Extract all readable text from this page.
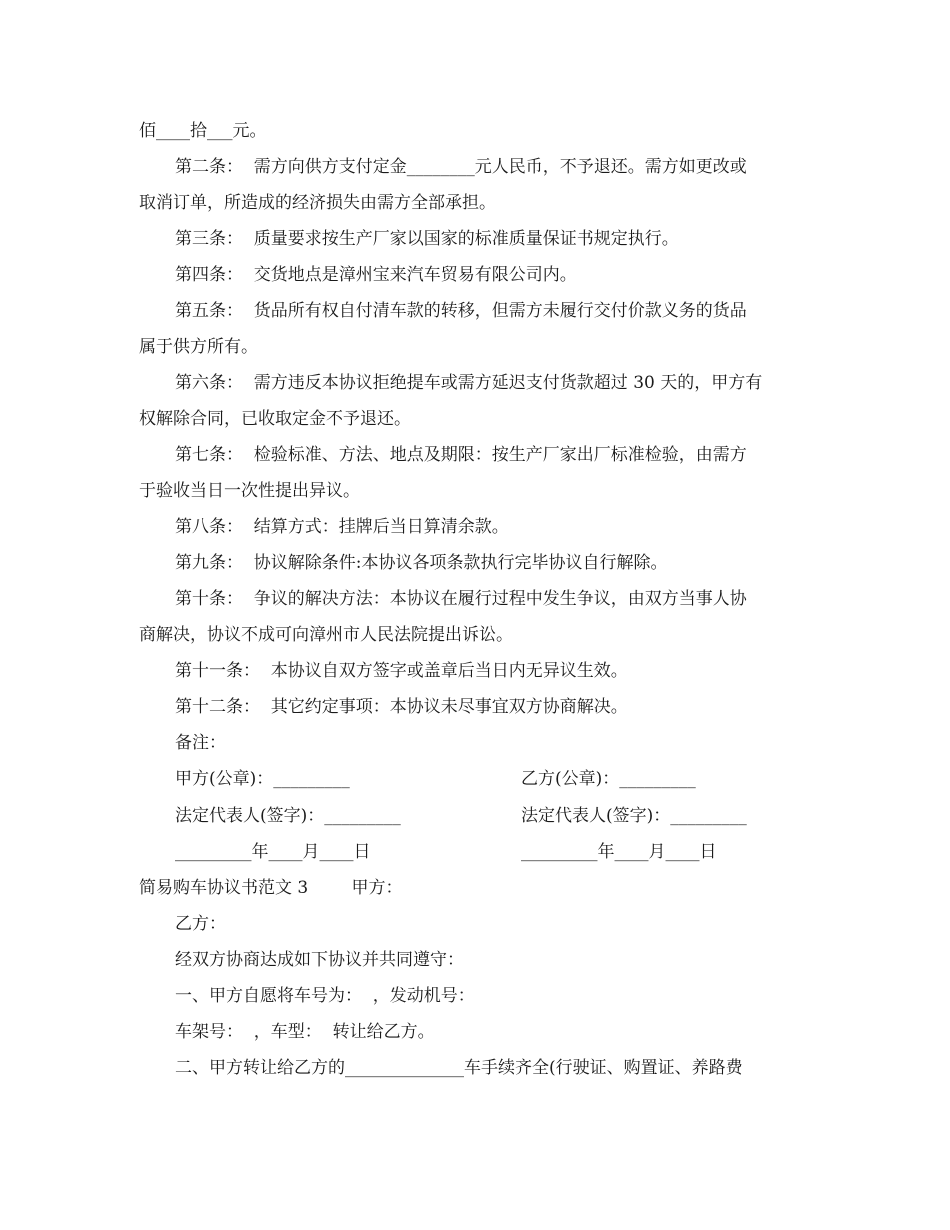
佰____拾___元。
第二条：  需方向供方支付定金________元人民币，不予退还。需方如更改或
取消订单，所造成的经济损失由需方全部承担。
第三条：  质量要求按生产厂家以国家的标准质量保证书规定执行。
第四条：  交货地点是漳州宝来汽车贸易有限公司内。
第五条：  货品所有权自付清车款的转移，但需方未履行交付价款义务的货品
属于供方所有。
第六条：  需方违反本协议拒绝提车或需方延迟支付货款超过 30 天的，甲方有
权解除合同，已收取定金不予退还。
第七条：  检验标准、方法、地点及期限：按生产厂家出厂标准检验，由需方
于验收当日一次性提出异议。
第八条：  结算方式：挂牌后当日算清余款。
第九条：  协议解除条件:本协议各项条款执行完毕协议自行解除。
第十条：  争议的解决方法：本协议在履行过程中发生争议，由双方当事人协
商解决，协议不成可向漳州市人民法院提出诉讼。
第十一条：  本协议自双方签字或盖章后当日内无异议生效。
第十二条：  其它约定事项：本协议未尽事宜双方协商解决。
备注：
甲方(公章)：_________	乙方(公章)：_________
法定代表人(签字)：_________	法定代表人(签字)：_________
_________年____月____日	_________年____月____日
简易购车协议书范文 3        甲方：
乙方：
经双方协商达成如下协议并共同遵守：
一、甲方自愿将车号为：  ，发动机号：
车架号：  ，车型：  转让给乙方。
二、甲方转让给乙方的______________车手续齐全(行驶证、购置证、养路费
